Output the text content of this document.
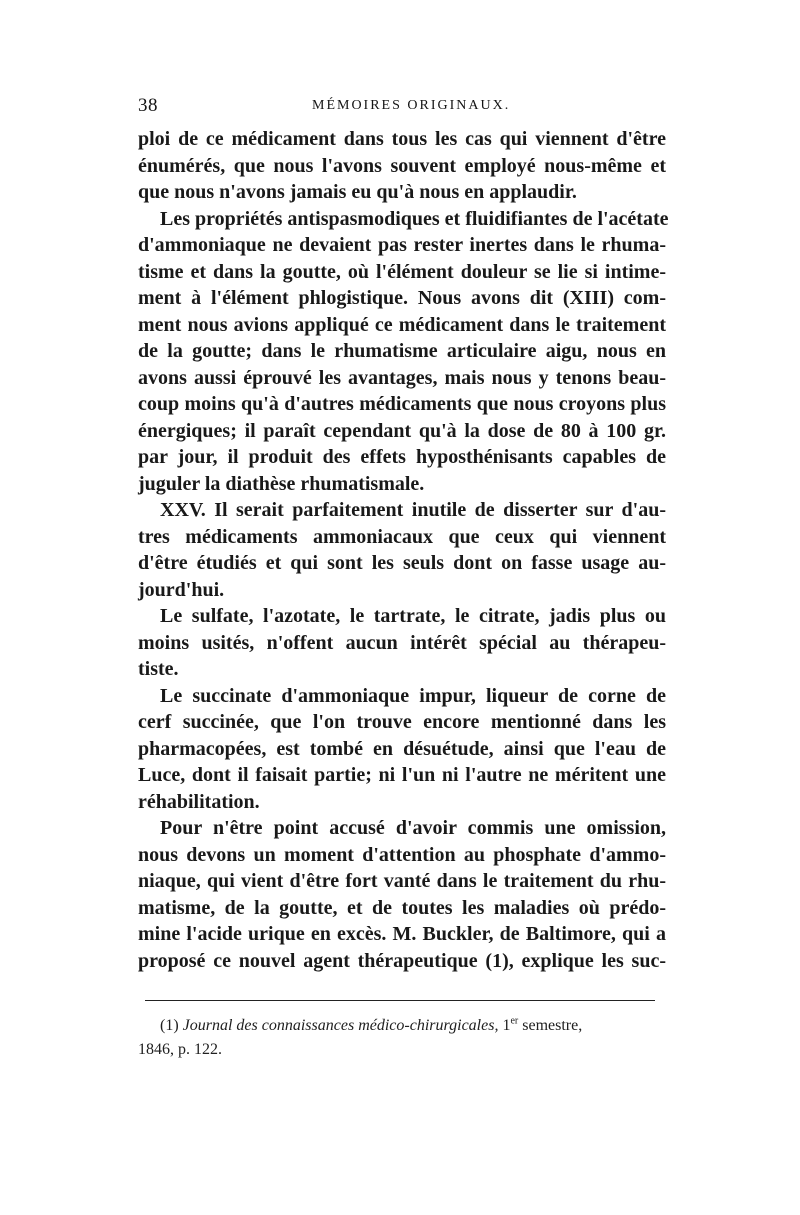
38	MÉMOIRES ORIGINAUX.
ploi de ce médicament dans tous les cas qui viennent d'être
énumérés, que nous l'avons souvent employé nous-même et
que nous n'avons jamais eu qu'à nous en applaudir.
Les propriétés antispasmodiques et fluidifiantes de l'acétate
d'ammoniaque ne devaient pas rester inertes dans le rhuma-
tisme et dans la goutte, où l'élément douleur se lie si intime-
ment à l'élément phlogistique. Nous avons dit (XIII) com-
ment nous avions appliqué ce médicament dans le traitement
de la goutte; dans le rhumatisme articulaire aigu, nous en
avons aussi éprouvé les avantages, mais nous y tenons beau-
coup moins qu'à d'autres médicaments que nous croyons plus
énergiques; il paraît cependant qu'à la dose de 80 à 100 gr.
par jour, il produit des effets hyposthénisants capables de
juguler la diathèse rhumatismale.
XXV. Il serait parfaitement inutile de disserter sur d'au-
tres médicaments ammoniacaux que ceux qui viennent
d'être étudiés et qui sont les seuls dont on fasse usage au-
jourd'hui.
Le sulfate, l'azotate, le tartrate, le citrate, jadis plus ou
moins usités, n'offent aucun intérêt spécial au thérapeu-
tiste.
Le succinate d'ammoniaque impur, liqueur de corne de
cerf succinée, que l'on trouve encore mentionné dans les
pharmacopées, est tombé en désuétude, ainsi que l'eau de
Luce, dont il faisait partie; ni l'un ni l'autre ne méritent une
réhabilitation.
Pour n'être point accusé d'avoir commis une omission,
nous devons un moment d'attention au phosphate d'ammo-
niaque, qui vient d'être fort vanté dans le traitement du rhu-
matisme, de la goutte, et de toutes les maladies où prédo-
mine l'acide urique en excès. M. Buckler, de Baltimore, qui a
proposé ce nouvel agent thérapeutique (1), explique les suc-
(1) Journal des connaissances médico-chirurgicales, 1er semestre,
1846, p. 122.
